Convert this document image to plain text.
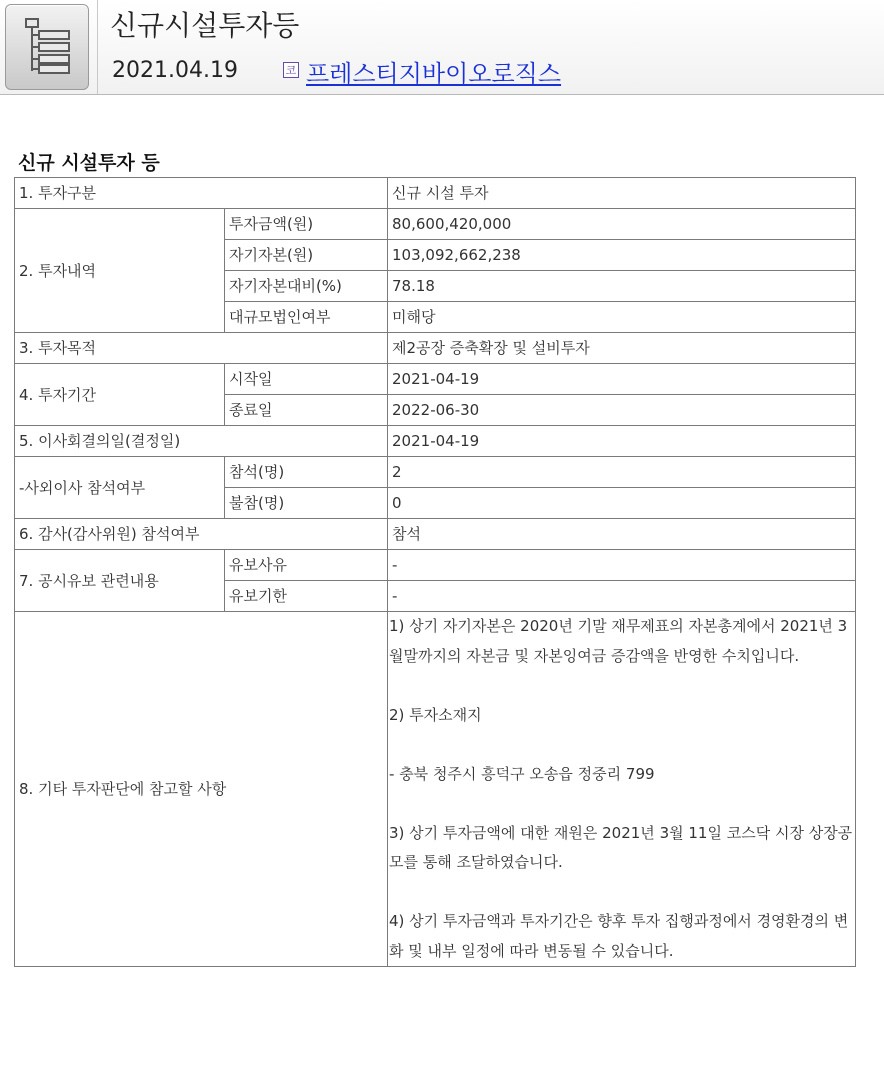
신규시설투자등
2021.04.19	코 프레스티지바이오로직스
신규 시설투자 등
1. 투자구분		신규 시설 투자
2. 투자내역	투자금액(원)	80,600,420,000
	자기자본(원)	103,092,662,238
	자기자본대비(%)	78.18
	대규모법인여부	미해당
3. 투자목적		제2공장 증축확장 및 설비투자
4. 투자기간	시작일	2021-04-19
	종료일	2022-06-30
5. 이사회결의일(결정일)		2021-04-19
-사외이사 참석여부	참석(명)	2
	불참(명)	0
6. 감사(감사위원) 참석여부		참석
7. 공시유보 관련내용	유보사유	-
	유보기한	-
8. 기타 투자판단에 참고할 사항		1) 상기 자기자본은 2020년 기말 재무제표의 자본총계에서 2021년 3월말까지의 자본금 및 자본잉여금 증감액을 반영한 수치입니다.
2) 투자소재지
- 충북 청주시 흥덕구 오송읍 정중리 799
3) 상기 투자금액에 대한 재원은 2021년 3월 11일 코스닥 시장 상장공모를 통해 조달하였습니다.
4) 상기 투자금액과 투자기간은 향후 투자 집행과정에서 경영환경의 변화 및 내부 일정에 따라 변동될 수 있습니다.
